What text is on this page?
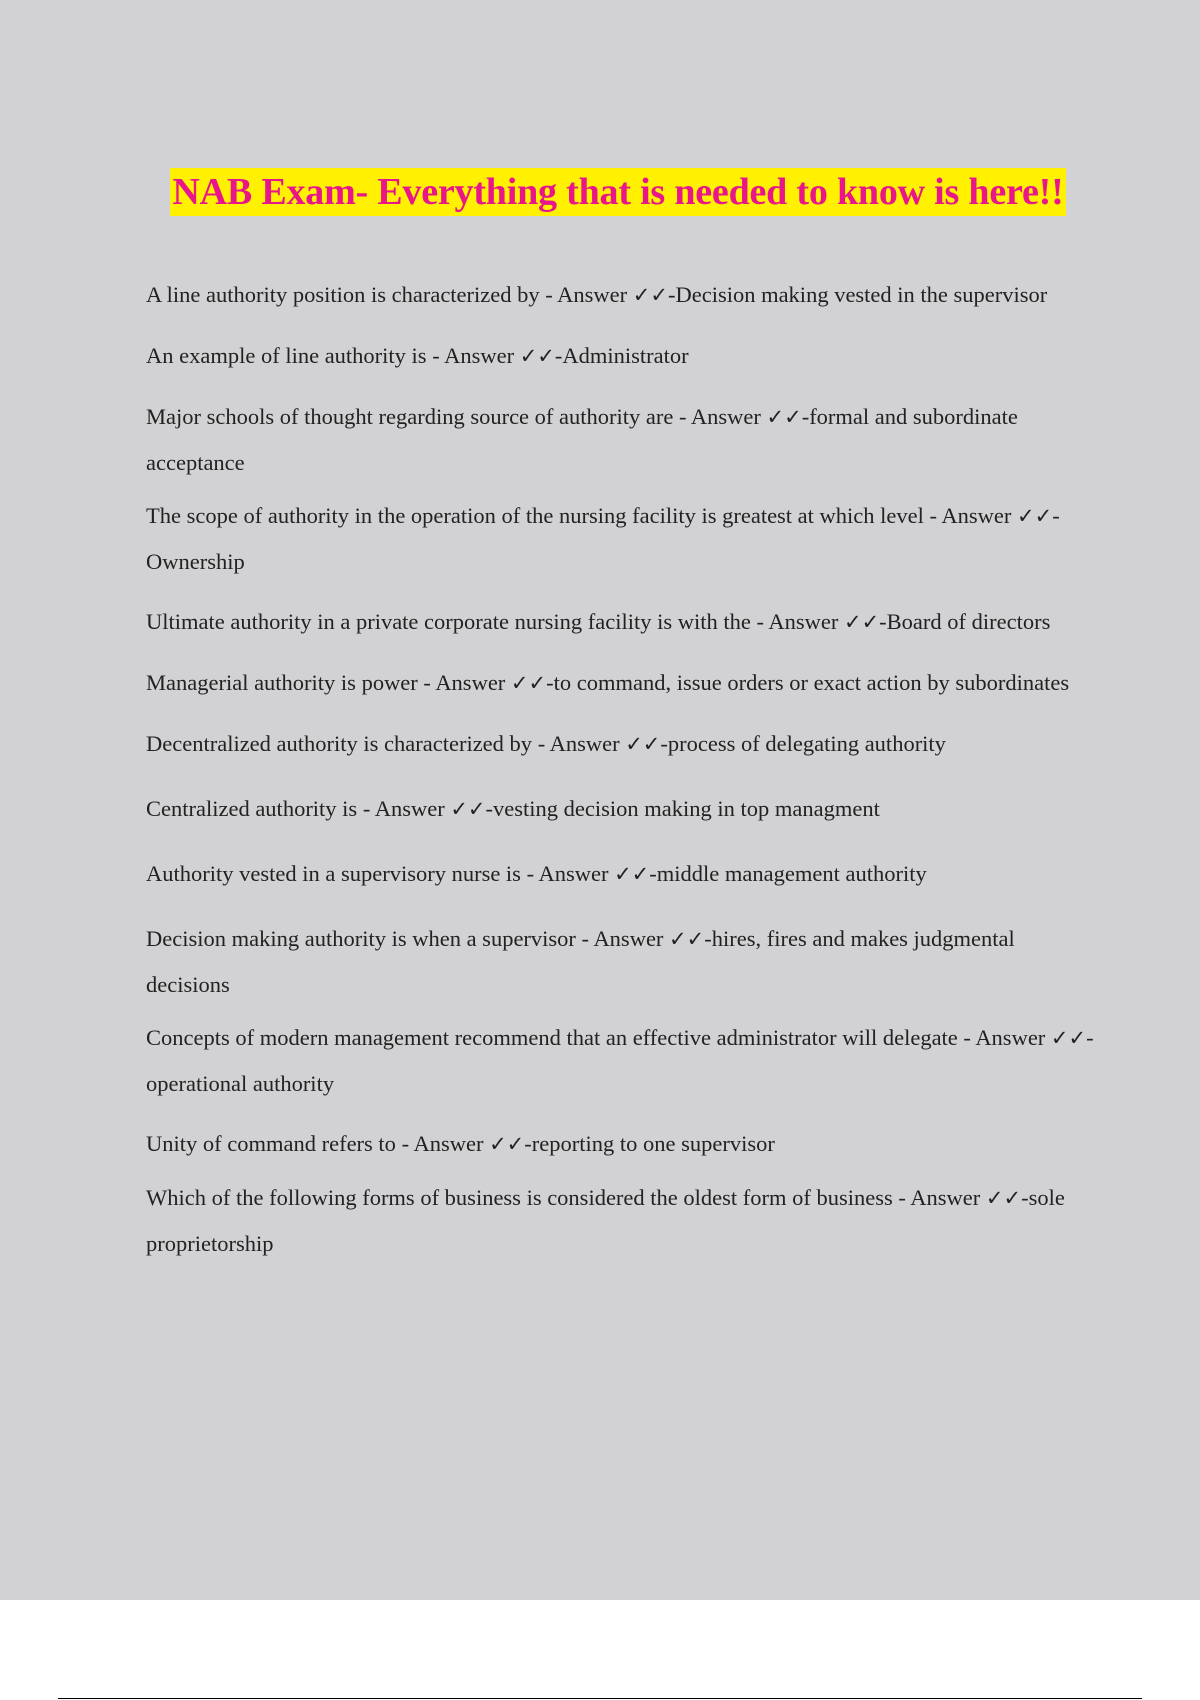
NAB Exam- Everything that is needed to know is here!!
A line authority position is characterized by - Answer ✓✓-Decision making vested in the supervisor
An example of line authority is - Answer ✓✓-Administrator
Major schools of thought regarding source of authority are - Answer ✓✓-formal and subordinate acceptance
The scope of authority in the operation of the nursing facility is greatest at which level - Answer ✓✓-Ownership
Ultimate authority in a private corporate nursing facility is with the - Answer ✓✓-Board of directors
Managerial authority is power - Answer ✓✓-to command, issue orders or exact action by subordinates
Decentralized authority is characterized by - Answer ✓✓-process of delegating authority
Centralized authority is - Answer ✓✓-vesting decision making in top managment
Authority vested in a supervisory nurse is - Answer ✓✓-middle management authority
Decision making authority is when a supervisor - Answer ✓✓-hires, fires and makes judgmental decisions
Concepts of modern management recommend that an effective administrator will delegate - Answer ✓✓-operational authority
Unity of command refers to - Answer ✓✓-reporting to one supervisor
Which of the following forms of business is considered the oldest form of business - Answer ✓✓-sole proprietorship
